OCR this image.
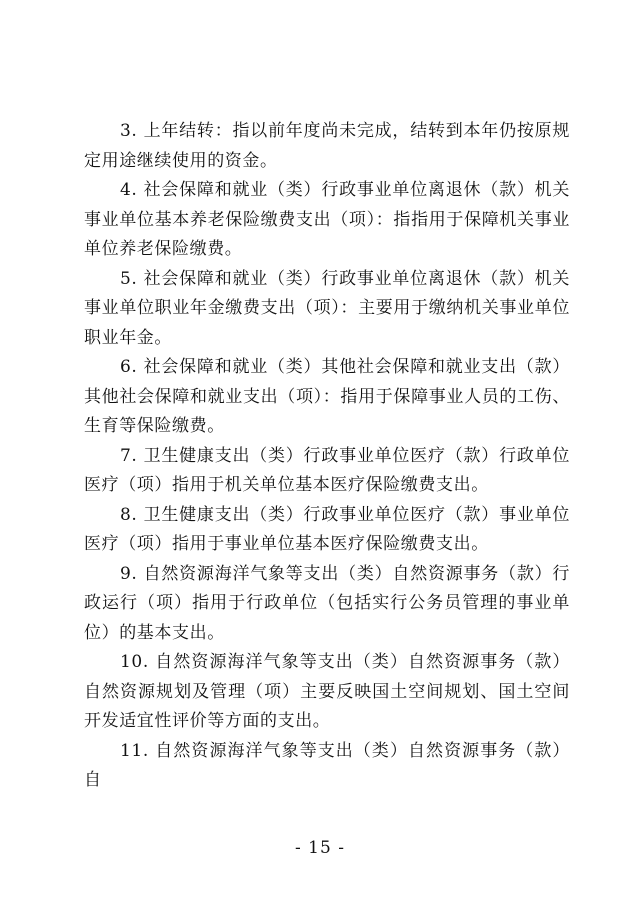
3. 上年结转：指以前年度尚未完成，结转到本年仍按原规定用途继续使用的资金。

4. 社会保障和就业（类）行政事业单位离退休（款）机关事业单位基本养老保险缴费支出（项）：指指用于保障机关事业单位养老保险缴费。

5. 社会保障和就业（类）行政事业单位离退休（款）机关事业单位职业年金缴费支出（项）：主要用于缴纳机关事业单位职业年金。

6. 社会保障和就业（类）其他社会保障和就业支出（款）其他社会保障和就业支出（项）：指用于保障事业人员的工伤、生育等保险缴费。

7. 卫生健康支出（类）行政事业单位医疗（款）行政单位医疗（项）指用于机关单位基本医疗保险缴费支出。

8. 卫生健康支出（类）行政事业单位医疗（款）事业单位医疗（项）指用于事业单位基本医疗保险缴费支出。

9. 自然资源海洋气象等支出（类）自然资源事务（款）行政运行（项）指用于行政单位（包括实行公务员管理的事业单位）的基本支出。

10. 自然资源海洋气象等支出（类）自然资源事务（款）自然资源规划及管理（项）主要反映国土空间规划、国土空间开发适宜性评价等方面的支出。

11. 自然资源海洋气象等支出（类）自然资源事务（款）自

- 15 -
